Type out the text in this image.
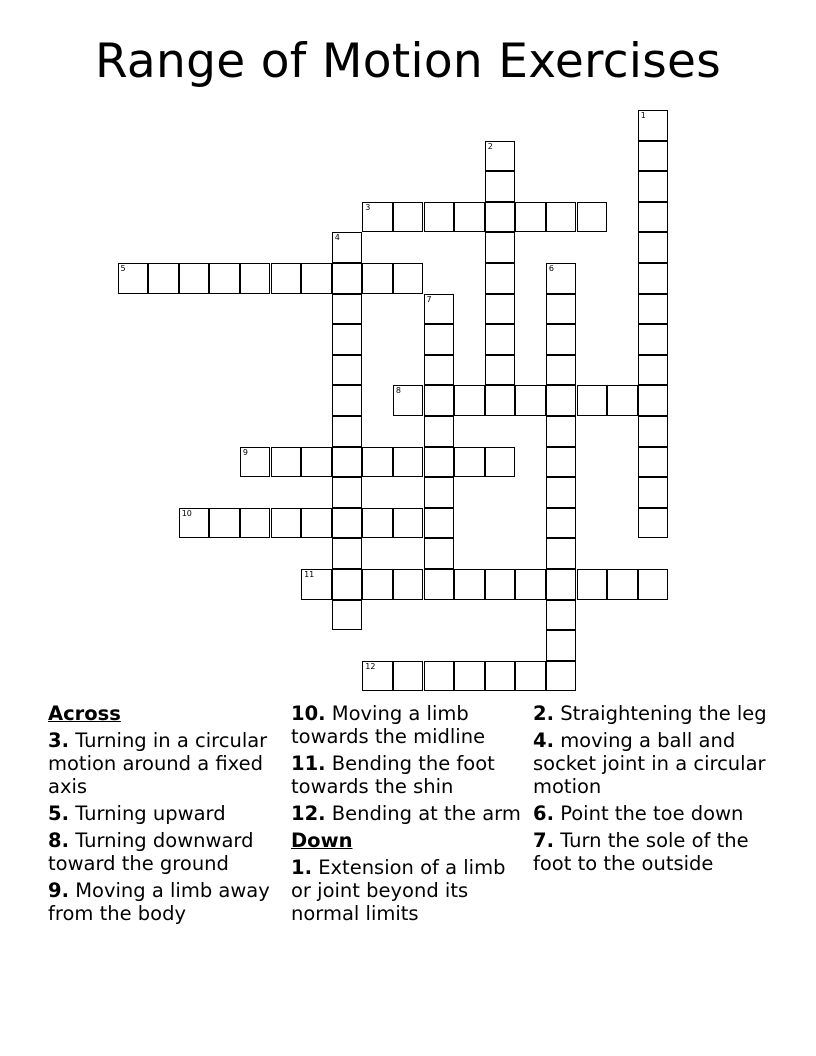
Range of Motion Exercises
1
2
3
4
5	6
7
8
9
10
11
12
Across
3. Turning in a circular motion around a fixed axis
5. Turning upward
8. Turning downward toward the ground
9. Moving a limb away from the body
10. Moving a limb towards the midline
11. Bending the foot towards the shin
12. Bending at the arm
Down
1. Extension of a limb or joint beyond its normal limits
2. Straightening the leg
4. moving a ball and socket joint in a circular motion
6. Point the toe down
7. Turn the sole of the foot to the outside
